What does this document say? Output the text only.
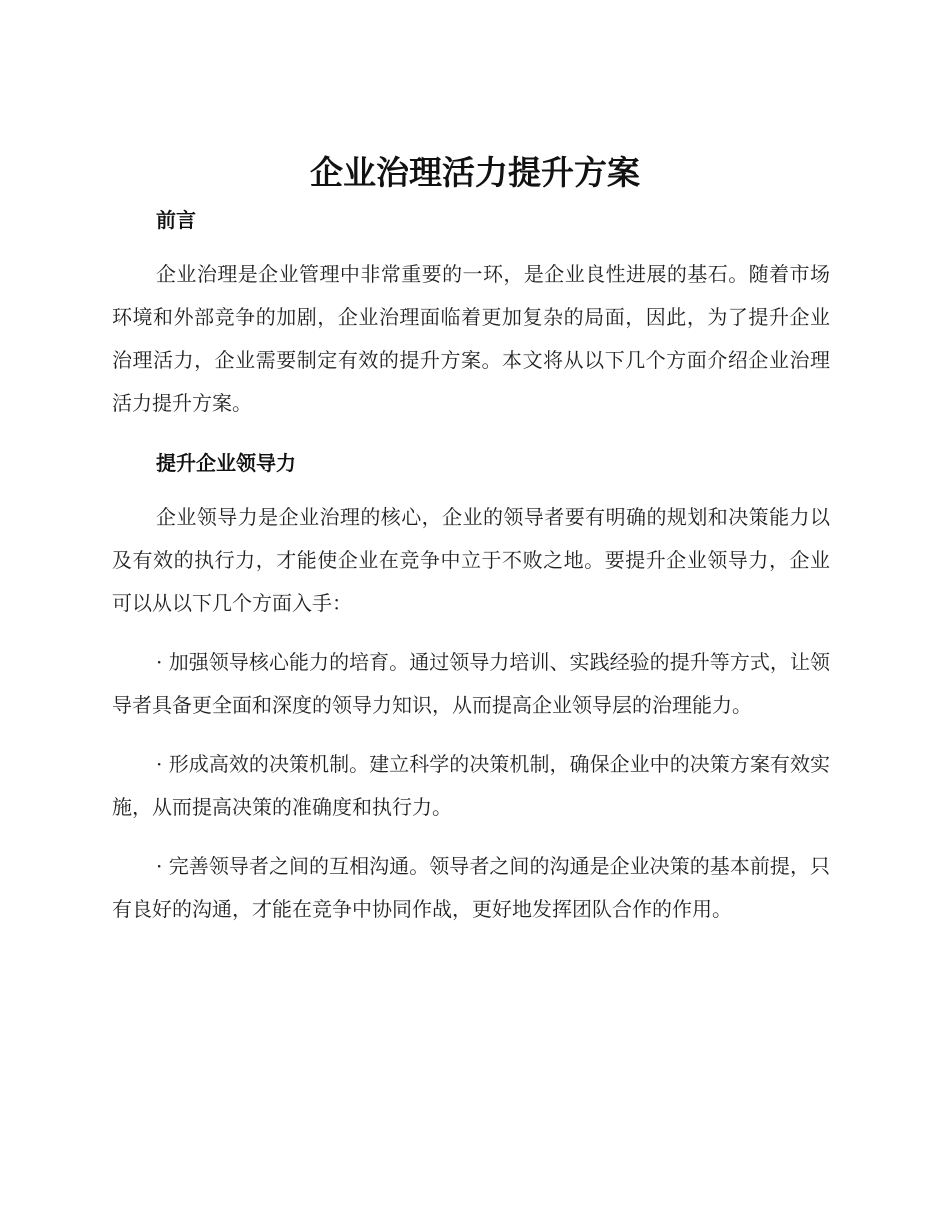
企业治理活力提升方案
前言

企业治理是企业管理中非常重要的一环，是企业良性进展的基石。随着市场环境和外部竞争的加剧，企业治理面临着更加复杂的局面，因此，为了提升企业治理活力，企业需要制定有效的提升方案。本文将从以下几个方面介绍企业治理活力提升方案。

提升企业领导力

企业领导力是企业治理的核心，企业的领导者要有明确的规划和决策能力以及有效的执行力，才能使企业在竞争中立于不败之地。要提升企业领导力，企业可以从以下几个方面入手：

· 加强领导核心能力的培育。通过领导力培训、实践经验的提升等方式，让领导者具备更全面和深度的领导力知识，从而提高企业领导层的治理能力。

· 形成高效的决策机制。建立科学的决策机制，确保企业中的决策方案有效实施，从而提高决策的准确度和执行力。

· 完善领导者之间的互相沟通。领导者之间的沟通是企业决策的基本前提，只有良好的沟通，才能在竞争中协同作战，更好地发挥团队合作的作用。
